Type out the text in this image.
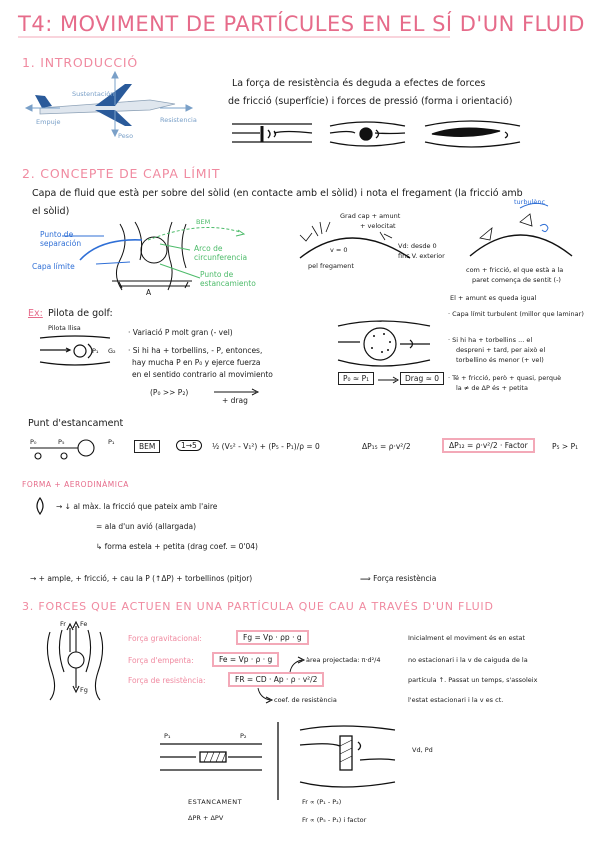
T4: MOVIMENT DE PARTÍCULES EN EL SÍ D'UN FLUID
1. INTRODUCCIÓ
Sustentación
Empuje	Resistencia
Peso
La força de resistència és deguda a efectes de forces
de fricció (superfície) i forces de pressió (forma i orientació)
2. CONCEPTE DE CAPA LÍMIT
Capa de fluid que està per sobre del sòlid (en contacte amb el sòlid) i nota el fregament (la fricció amb
el sòlid)
Punto de separación
Capa límite
Arco de circunferencia
Punto de estancamiento
A
BEM
Grad cap + amunt
+ velocitat
v = 0
pel fregament
Vd: desde 0
fins V. exterior
turbulènc
com + fricció, el que està a la
paret comença de sentit (-)
El + amunt es queda igual
Ex: Pilota de golf:
Pilota llisa
P₁ G₂
· Variació P molt gran (- vel)
· Si hi ha + torbellins, - P, entonces,
hay mucha P en P₀ y ejerce fuerza
en el sentido contrario al movimiento
(P₀ >> P₂)
+ drag
P₀ ≈ P₁	Drag ≈ 0
· Capa límit turbulent (millor que laminar)
· Si hi ha + torbellins ... el
despreni + tard, per això el
torbellino és menor (+ vel)
· Té + fricció, però + quasi, perquè
la ≠ de ΔP és + petita
Punt d'estancament
P₀	P₅	P₁	BEM	1→5	½ (V₅² - V₁²) + (P₅ - P₁)/ρ = 0	ΔP₁₅ = ρ·v²/2	ΔP₁₂ = ρ·v²/2 · Factor	P₅ > P₁
FORMA + AERODINÀMICA
→ ↓ al màx. la fricció que pateix amb l'aire
= ala d'un avió (allargada)
↳ forma estela + petita (drag coef. = 0'04)
→ + ample, + fricció, + cau la P (↑ΔP) + torbellinos (pitjor)	⟹ Força resistència
3. FORCES QUE ACTUEN EN UNA PARTÍCULA QUE CAU A TRAVÉS D'UN FLUID
Fr Fe
Fg
Força gravitacional:	Fg = Vp · ρp · g
Força d'empenta:	Fe = Vp · ρ · g
Força de resistència:	FR = CD · Ap · ρ · v²/2
àrea projectada: π·d²/4
coef. de resistència
Inicialment el moviment és en estat
no estacionari i la v de caiguda de la
partícula ↑. Passat un temps, s'assoleix
l'estat estacionari i la v es ct.
P₁	P₂
ESTANCAMENT
ΔPR + ΔPV
Vd, Pd
Fr ∝ (P₁ - P₂)
Fr ∝ (P₅ - P₁) i factor
